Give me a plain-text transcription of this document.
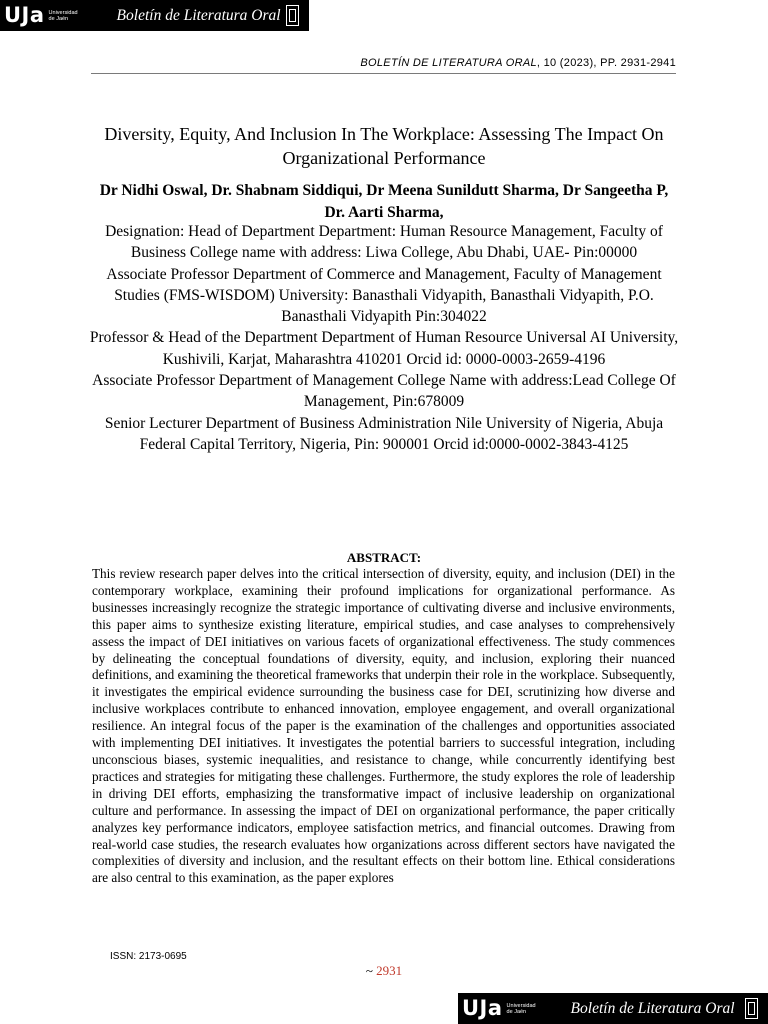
UJa Universidad
de Jaén	Boletín de Literatura Oral
BOLETÍN DE LITERATURA ORAL, 10 (2023), PP. 2931-2941
Diversity, Equity, And Inclusion In The Workplace: Assessing The Impact On Organizational Performance

Dr Nidhi Oswal, Dr. Shabnam Siddiqui, Dr Meena Sunildutt Sharma, Dr Sangeetha P, Dr. Aarti Sharma,

Designation: Head of Department Department: Human Resource Management, Faculty of Business College name with address: Liwa College, Abu Dhabi, UAE- Pin:00000

Associate Professor Department of Commerce and Management, Faculty of Management Studies (FMS-WISDOM) University: Banasthali Vidyapith, Banasthali Vidyapith, P.O. Banasthali Vidyapith Pin:304022

Professor & Head of the Department Department of Human Resource Universal AI University, Kushivili, Karjat, Maharashtra 410201 Orcid id: 0000-0003-2659-4196

Associate Professor Department of Management College Name with address:Lead College Of Management, Pin:678009

Senior Lecturer Department of Business Administration Nile University of Nigeria, Abuja Federal Capital Territory, Nigeria, Pin: 900001 Orcid id:0000-0002-3843-4125

ABSTRACT:

This review research paper delves into the critical intersection of diversity, equity, and inclusion (DEI) in the contemporary workplace, examining their profound implications for organizational performance. As businesses increasingly recognize the strategic importance of cultivating diverse and inclusive environments, this paper aims to synthesize existing literature, empirical studies, and case analyses to comprehensively assess the impact of DEI initiatives on various facets of organizational effectiveness. The study commences by delineating the conceptual foundations of diversity, equity, and inclusion, exploring their nuanced definitions, and examining the theoretical frameworks that underpin their role in the workplace. Subsequently, it investigates the empirical evidence surrounding the business case for DEI, scrutinizing how diverse and inclusive workplaces contribute to enhanced innovation, employee engagement, and overall organizational resilience. An integral focus of the paper is the examination of the challenges and opportunities associated with implementing DEI initiatives. It investigates the potential barriers to successful integration, including unconscious biases, systemic inequalities, and resistance to change, while concurrently identifying best practices and strategies for mitigating these challenges. Furthermore, the study explores the role of leadership in driving DEI efforts, emphasizing the transformative impact of inclusive leadership on organizational culture and performance. In assessing the impact of DEI on organizational performance, the paper critically analyzes key performance indicators, employee satisfaction metrics, and financial outcomes. Drawing from real-world case studies, the research evaluates how organizations across different sectors have navigated the complexities of diversity and inclusion, and the resultant effects on their bottom line. Ethical considerations are also central to this examination, as the paper explores

ISSN: 2173-0695
~ 2931
UJa Universidad
de Jaén	Boletín de Literatura Oral
